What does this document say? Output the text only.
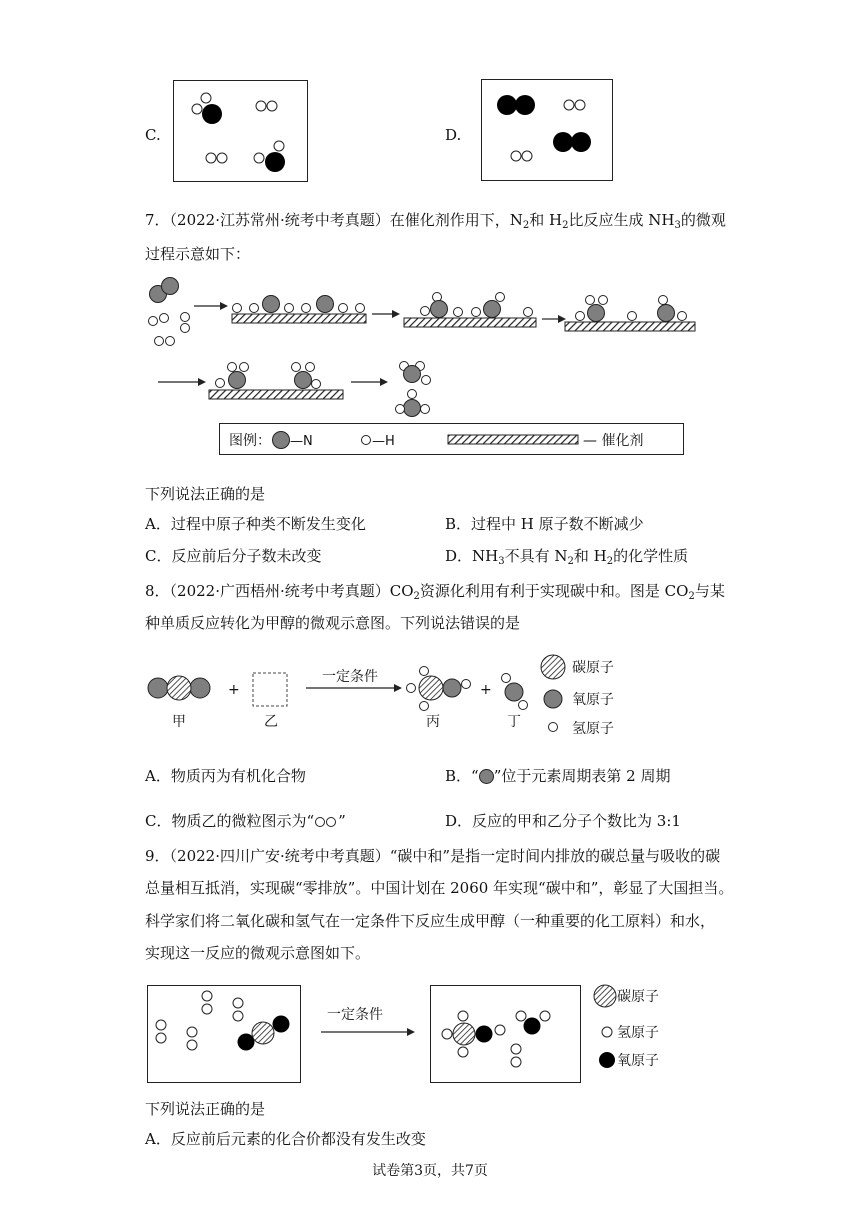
C.	D.
7．（2022·江苏常州·统考中考真题）在催化剂作用下，$N_2$和 $H_2$比反应生成 $NH_3$的微观
过程示意如下：
图例： —N	—H	— 催化剂
下列说法正确的是
A．过程中原子种类不断发生变化	B．过程中 H 原子数不断减少
C．反应前后分子数未改变	D．$NH_3$不具有 $N_2$和 $H_2$的化学性质
8．（2022·广西梧州·统考中考真题）$CO_2$资源化利用有利于实现碳中和。图是 $CO_2$与某
种单质反应转化为甲醇的微观示意图。下列说法错误的是
甲
+
乙
一定条件
丙
+
丁
碳原子
氧原子
氢原子
A．物质丙为有机化合物	B．“ ”位于元素周期表第 2 周期
C．物质乙的微粒图示为“ ”	D．反应的甲和乙分子个数比为 3:1
9．（2022·四川广安·统考中考真题）“碳中和”是指一定时间内排放的碳总量与吸收的碳
总量相互抵消，实现碳“零排放”。中国计划在 2060 年实现“碳中和”，彰显了大国担当。
科学家们将二氧化碳和氢气在一定条件下反应生成甲醇（一种重要的化工原料）和水，
实现这一反应的微观示意图如下。
一定条件
碳原子
氢原子
氧原子
下列说法正确的是
A．反应前后元素的化合价都没有发生改变
试卷第3页，共7页
